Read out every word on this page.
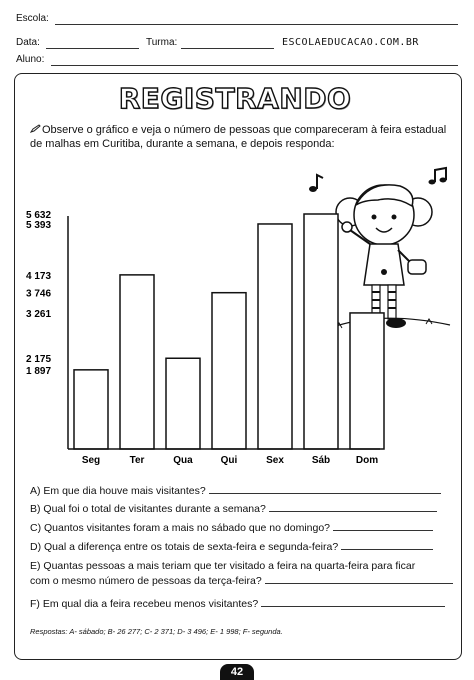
Escola:
Data:	Turma:	ESCOLAEDUCACAO.COM.BR
Aluno:
REGISTRANDO
Observe o gráfico e veja o número de pessoas que compareceram à feira estadual de malhas em Curitiba, durante a semana, e depois responda:
5 632
5 393
4 173
3 746
3 261
2 175
1 897
Seg	Ter	Qua	Qui	Sex	Sáb	Dom
A) Em que dia houve mais visitantes?
B) Qual foi o total de visitantes durante a semana?
C) Quantos visitantes foram a mais no sábado que no domingo?
D) Qual a diferença entre os totais de sexta-feira e segunda-feira?
E) Quantas pessoas a mais teriam que ter visitado a feira na quarta-feira para ficar
com o mesmo número de pessoas da terça-feira?
F) Em qual dia a feira recebeu menos visitantes?
Respostas: A- sábado; B- 26 277; C- 2 371; D- 3 496; E- 1 998; F- segunda.
42
